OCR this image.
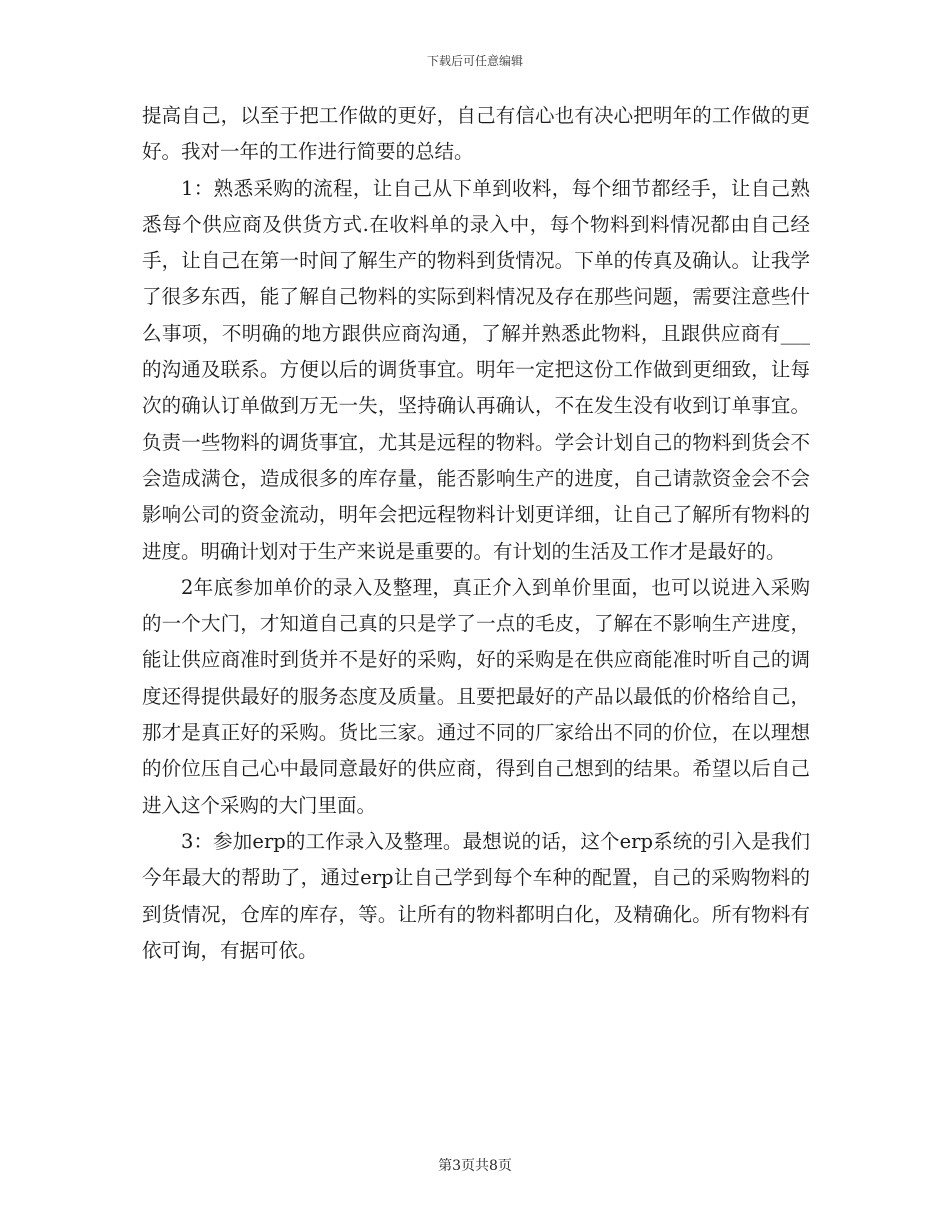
下载后可任意编辑

提高自己，以至于把工作做的更好，自己有信心也有决心把明年的工作做的更好。我对一年的工作进行简要的总结。

1：熟悉采购的流程，让自己从下单到收料，每个细节都经手，让自己熟悉每个供应商及供货方式.在收料单的录入中，每个物料到料情况都由自己经手，让自己在第一时间了解生产的物料到货情况。下单的传真及确认。让我学了很多东西，能了解自己物料的实际到料情况及存在那些问题，需要注意些什么事项，不明确的地方跟供应商沟通，了解并熟悉此物料，且跟供应商有___的沟通及联系。方便以后的调货事宜。明年一定把这份工作做到更细致，让每次的确认订单做到万无一失，坚持确认再确认，不在发生没有收到订单事宜。负责一些物料的调货事宜，尤其是远程的物料。学会计划自己的物料到货会不会造成满仓，造成很多的库存量，能否影响生产的进度，自己请款资金会不会影响公司的资金流动，明年会把远程物料计划更详细，让自己了解所有物料的进度。明确计划对于生产来说是重要的。有计划的生活及工作才是最好的。

2年底参加单价的录入及整理，真正介入到单价里面，也可以说进入采购的一个大门，才知道自己真的只是学了一点的毛皮，了解在不影响生产进度，能让供应商准时到货并不是好的采购，好的采购是在供应商能准时听自己的调度还得提供最好的服务态度及质量。且要把最好的产品以最低的价格给自己，那才是真正好的采购。货比三家。通过不同的厂家给出不同的价位，在以理想的价位压自己心中最同意最好的供应商，得到自己想到的结果。希望以后自己进入这个采购的大门里面。

3：参加erp的工作录入及整理。最想说的话，这个erp系统的引入是我们今年最大的帮助了，通过erp让自己学到每个车种的配置，自己的采购物料的到货情况，仓库的库存，等。让所有的物料都明白化，及精确化。所有物料有依可询，有据可依。

第3页共8页
